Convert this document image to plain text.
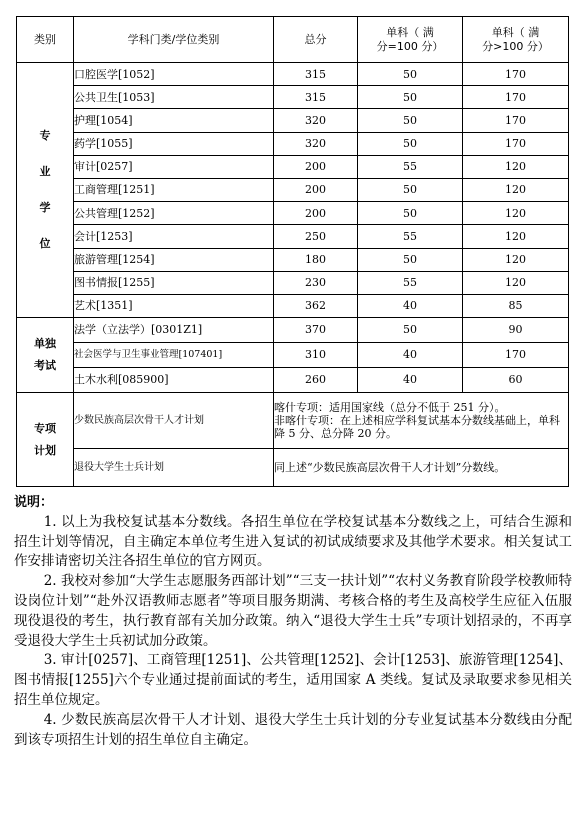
类别	学科门类/学位类别	总分	单科（ 满
分=100 分）	单科（ 满
分>100 分）
专
业
学
位	口腔医学[1052]	315	50	170
	公共卫生[1053]	315	50	170
	护理[1054]	320	50	170
	药学[1055]	320	50	170
	审计[0257]	200	55	120
	工商管理[1251]	200	50	120
	公共管理[1252]	200	50	120
	会计[1253]	250	55	120
	旅游管理[1254]	180	50	120
	图书情报[1255]	230	55	120
	艺术[1351]	362	40	85
单独
考试	法学（立法学）[0301Z1]	370	50	90
	社会医学与卫生事业管理[107401]	310	40	170
	土木水利[085900]	260	40	60
专项
计划	少数民族高层次骨干人才计划	喀什专项：适用国家线（总分不低于 251 分）。
非喀什专项：在上述相应学科复试基本分数线基础上，单科降 5 分、总分降 20 分。		
	退役大学生士兵计划	同上述“少数民族高层次骨干人才计划”分数线。		
说明：

1. 以上为我校复试基本分数线。各招生单位在学校复试基本分数线之上，可结合生源和招生计划等情况，自主确定本单位考生进入复试的初试成绩要求及其他学术要求。相关复试工作安排请密切关注各招生单位的官方网页。

2. 我校对参加“大学生志愿服务西部计划”“三支一扶计划”“农村义务教育阶段学校教师特设岗位计划”“赴外汉语教师志愿者”等项目服务期满、考核合格的考生及高校学生应征入伍服现役退役的考生，执行教育部有关加分政策。纳入“退役大学生士兵”专项计划招录的，不再享受退役大学生士兵初试加分政策。

3. 审计[0257]、工商管理[1251]、公共管理[1252]、会计[1253]、旅游管理[1254]、图书情报[1255]六个专业通过提前面试的考生，适用国家 A 类线。复试及录取要求参见相关招生单位规定。

4. 少数民族高层次骨干人才计划、退役大学生士兵计划的分专业复试基本分数线由分配到该专项招生计划的招生单位自主确定。
